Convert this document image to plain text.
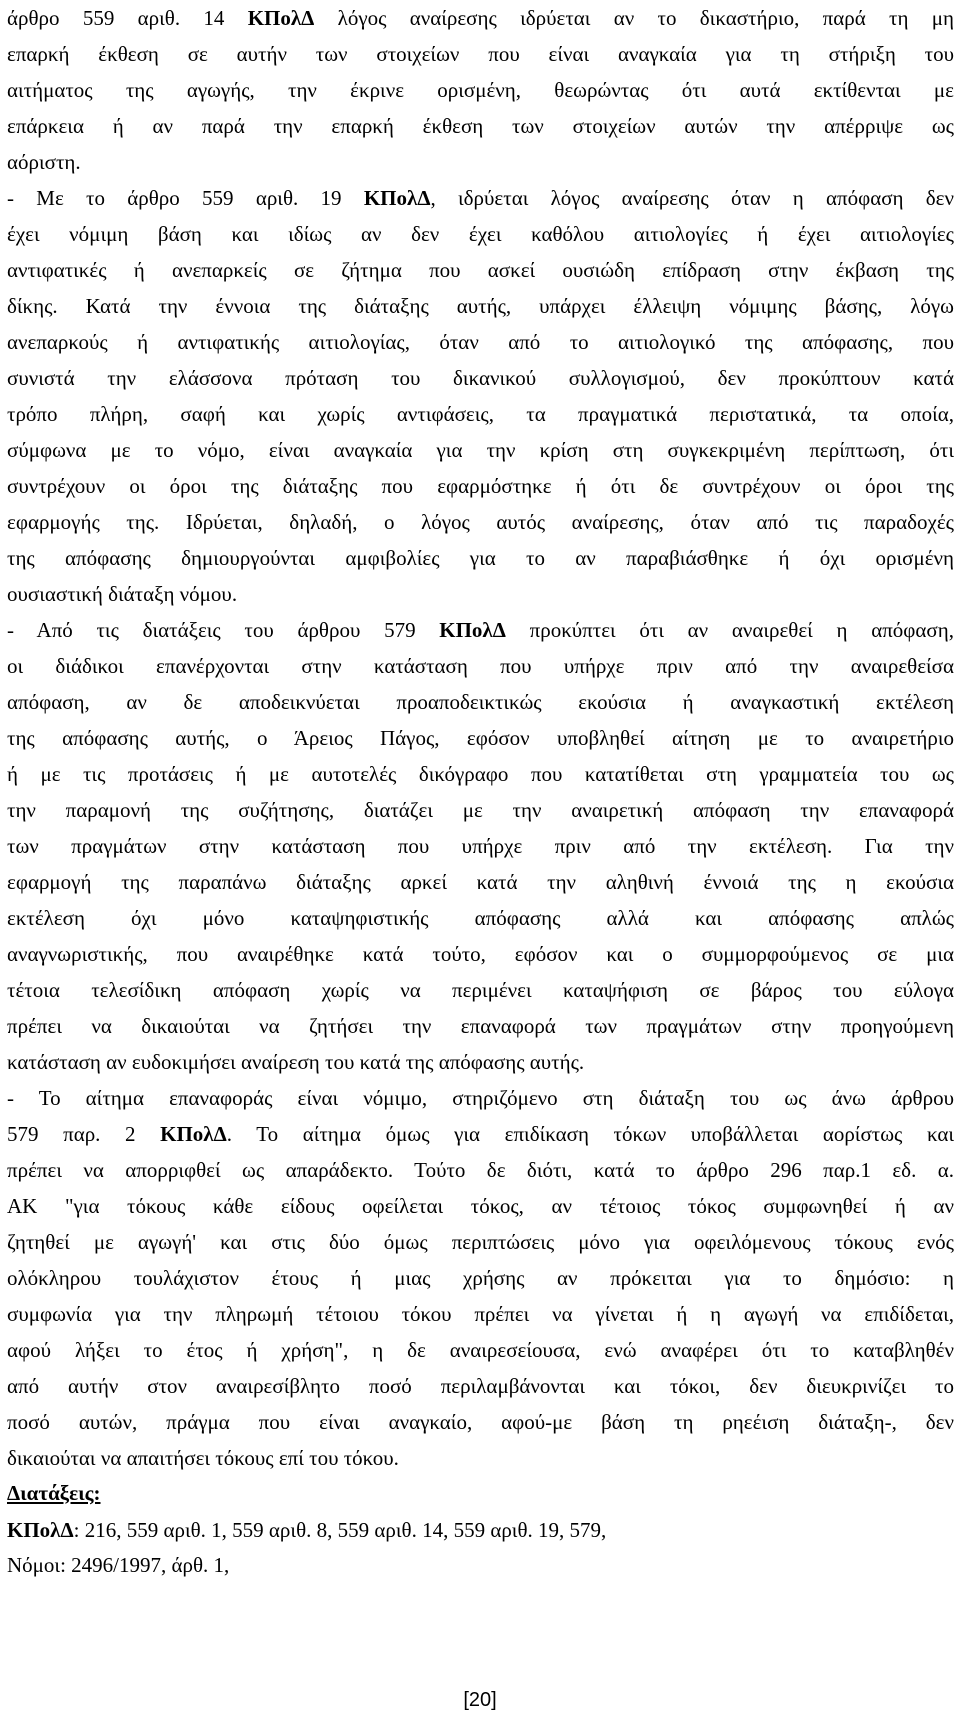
άρθρο 559 αριθ. 14 ΚΠολΔ λόγος αναίρεσης ιδρύεται αν το δικαστήριο, παρά τη μη
επαρκή έκθεση σε αυτήν των στοιχείων που είναι αναγκαία για τη στήριξη του
αιτήματος της αγωγής, την έκρινε ορισμένη, θεωρώντας ότι αυτά εκτίθενται με
επάρκεια ή αν παρά την επαρκή έκθεση των στοιχείων αυτών την απέρριψε ως
αόριστη.
- Με το άρθρο 559 αριθ. 19 ΚΠολΔ, ιδρύεται λόγος αναίρεσης όταν η απόφαση δεν
έχει νόμιμη βάση και ιδίως αν δεν έχει καθόλου αιτιολογίες ή έχει αιτιολογίες
αντιφατικές ή ανεπαρκείς σε ζήτημα που ασκεί ουσιώδη επίδραση στην έκβαση της
δίκης. Κατά την έννοια της διάταξης αυτής, υπάρχει έλλειψη νόμιμης βάσης, λόγω
ανεπαρκούς ή αντιφατικής αιτιολογίας, όταν από το αιτιολογικό της απόφασης, που
συνιστά την ελάσσονα πρόταση του δικανικού συλλογισμού, δεν προκύπτουν κατά
τρόπο πλήρη, σαφή και χωρίς αντιφάσεις, τα πραγματικά περιστατικά, τα οποία,
σύμφωνα με το νόμο, είναι αναγκαία για την κρίση στη συγκεκριμένη περίπτωση, ότι
συντρέχουν οι όροι της διάταξης που εφαρμόστηκε ή ότι δε συντρέχουν οι όροι της
εφαρμογής της. Ιδρύεται, δηλαδή, ο λόγος αυτός αναίρεσης, όταν από τις παραδοχές
της απόφασης δημιουργούνται αμφιβολίες για το αν παραβιάσθηκε ή όχι ορισμένη
ουσιαστική διάταξη νόμου.
- Από τις διατάξεις του άρθρου 579 ΚΠολΔ προκύπτει ότι αν αναιρεθεί η απόφαση,
οι διάδικοι επανέρχονται στην κατάσταση που υπήρχε πριν από την αναιρεθείσα
απόφαση, αν δε αποδεικνύεται προαποδεικτικώς εκούσια ή αναγκαστική εκτέλεση
της απόφασης αυτής, ο Άρειος Πάγος, εφόσον υποβληθεί αίτηση με το αναιρετήριο
ή με τις προτάσεις ή με αυτοτελές δικόγραφο που κατατίθεται στη γραμματεία του ως
την παραμονή της συζήτησης, διατάζει με την αναιρετική απόφαση την επαναφορά
των πραγμάτων στην κατάσταση που υπήρχε πριν από την εκτέλεση. Για την
εφαρμογή της παραπάνω διάταξης αρκεί κατά την αληθινή έννοιά της η εκούσια
εκτέλεση όχι μόνο καταψηφιστικής απόφασης αλλά και απόφασης απλώς
αναγνωριστικής, που αναιρέθηκε κατά τούτο, εφόσον και ο συμμορφούμενος σε μια
τέτοια τελεσίδικη απόφαση χωρίς να περιμένει καταψήφιση σε βάρος του εύλογα
πρέπει να δικαιούται να ζητήσει την επαναφορά των πραγμάτων στην προηγούμενη
κατάσταση αν ευδοκιμήσει αναίρεση του κατά της απόφασης αυτής.
- Το αίτημα επαναφοράς είναι νόμιμο, στηριζόμενο στη διάταξη του ως άνω άρθρου
579 παρ. 2 ΚΠολΔ. Το αίτημα όμως για επιδίκαση τόκων υποβάλλεται αορίστως και
πρέπει να απορριφθεί ως απαράδεκτο. Τούτο δε διότι, κατά το άρθρο 296 παρ.1 εδ. α.
ΑΚ "για τόκους κάθε είδους οφείλεται τόκος, αν τέτοιος τόκος συμφωνηθεί ή αν
ζητηθεί με αγωγή' και στις δύο όμως περιπτώσεις μόνο για οφειλόμενους τόκους ενός
ολόκληρου τουλάχιστον έτους ή μιας χρήσης αν πρόκειται για το δημόσιο: η
συμφωνία για την πληρωμή τέτοιου τόκου πρέπει να γίνεται ή η αγωγή να επιδίδεται,
αφού λήξει το έτος ή χρήση", η δε αναιρεσείουσα, ενώ αναφέρει ότι το καταβληθέν
από αυτήν στον αναιρεσίβλητο ποσό περιλαμβάνονται και τόκοι, δεν διευκρινίζει το
ποσό αυτών, πράγμα που είναι αναγκαίο, αφού-με βάση τη ρηεέιση διάταξη-, δεν
δικαιούται να απαιτήσει τόκους επί του τόκου.
Διατάξεις:
ΚΠολΔ: 216, 559 αριθ. 1, 559 αριθ. 8, 559 αριθ. 14, 559 αριθ. 19, 579,
Νόμοι: 2496/1997, άρθ. 1,
[20]
